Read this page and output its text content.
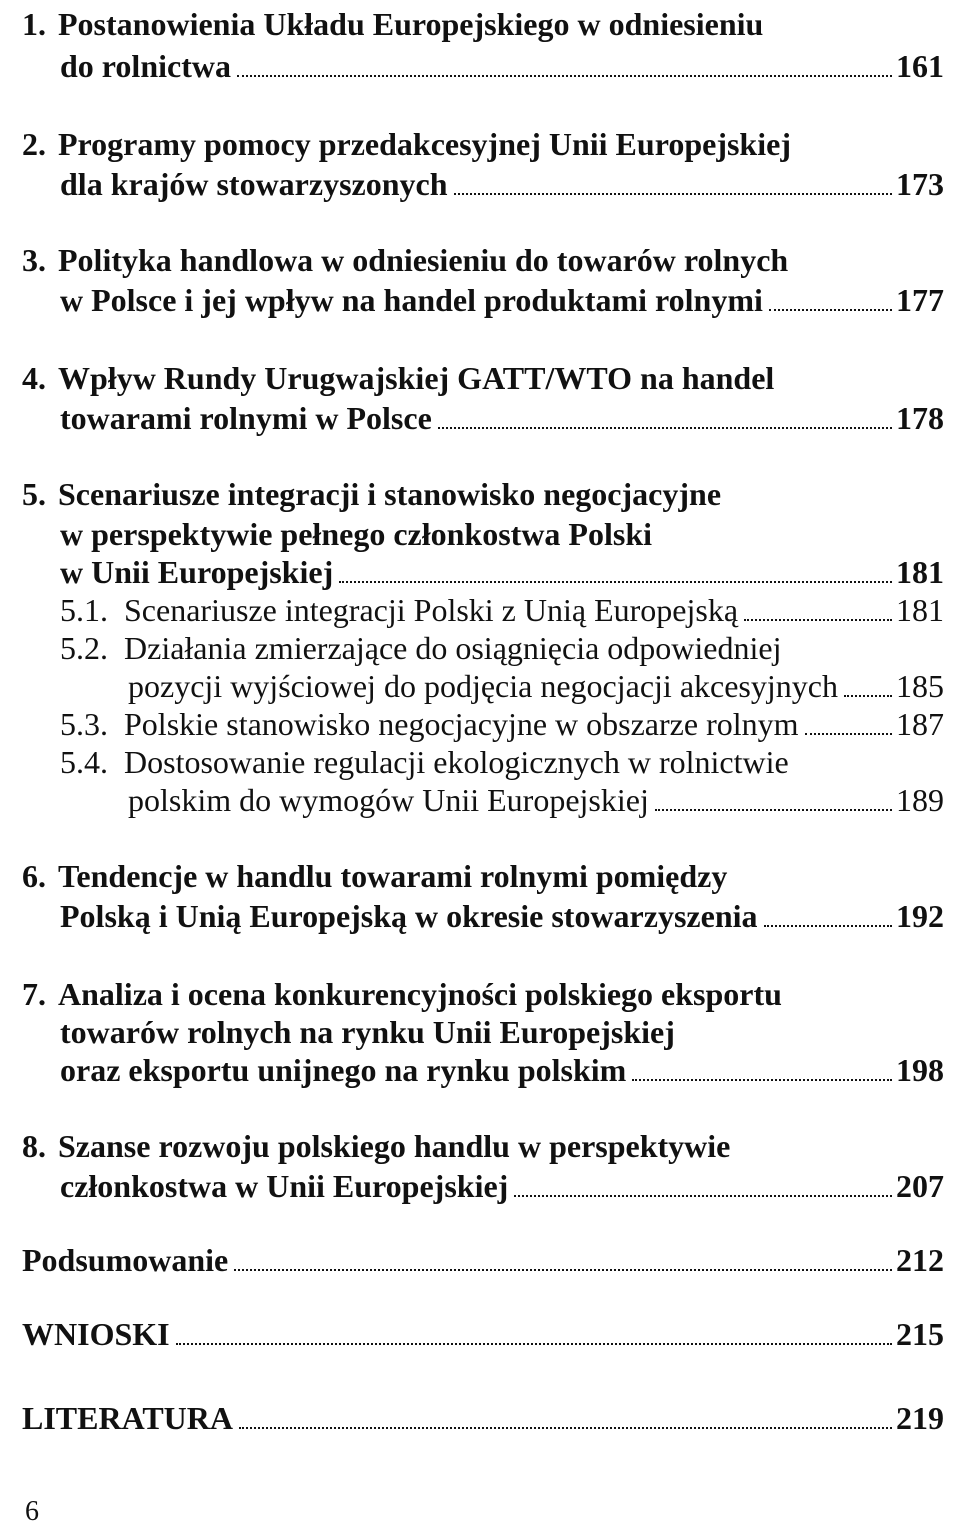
1. Postanowienia Układu Europejskiego w odniesieniu
do rolnictwa	161
2. Programy pomocy przedakcesyjnej Unii Europejskiej
dla krajów stowarzyszonych	173
3. Polityka handlowa w odniesieniu do towarów rolnych
w Polsce i jej wpływ na handel produktami rolnymi	177
4. Wpływ Rundy Urugwajskiej GATT/WTO na handel
towarami rolnymi w Polsce	178
5. Scenariusze integracji i stanowisko negocjacyjne
w perspektywie pełnego członkostwa Polski
w Unii Europejskiej	181
5.1. Scenariusze integracji Polski z Unią Europejską	181
5.2. Działania zmierzające do osiągnięcia odpowiedniej
pozycji wyjściowej do podjęcia negocjacji akcesyjnych 185
5.3. Polskie stanowisko negocjacyjne w obszarze rolnym	187
5.4. Dostosowanie regulacji ekologicznych w rolnictwie
polskim do wymogów Unii Europejskiej	189
6. Tendencje w handlu towarami rolnymi pomiędzy
Polską i Unią Europejską w okresie stowarzyszenia	192
7. Analiza i ocena konkurencyjności polskiego eksportu
towarów rolnych na rynku Unii Europejskiej
oraz eksportu unijnego na rynku polskim	198
8. Szanse rozwoju polskiego handlu w perspektywie
członkostwa w Unii Europejskiej	207
Podsumowanie	212
WNIOSKI	215
LITERATURA	219
6
